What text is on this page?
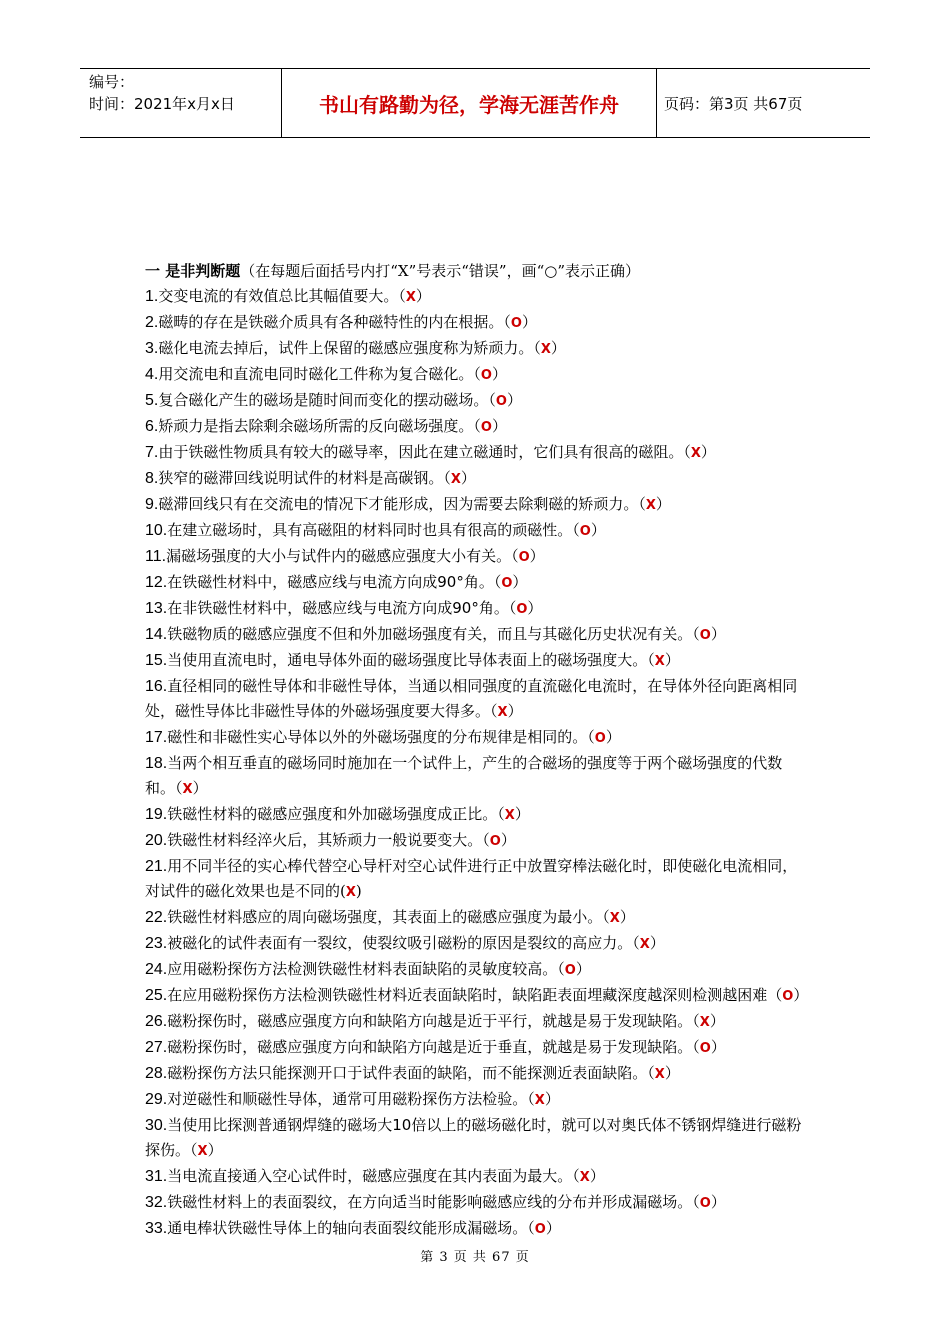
编号：
时间：2021年x月x日	书山有路勤为径，学海无涯苦作舟	页码：第3页 共67页

一 是非判断题（在每题后面括号内打“X”号表示“错误”，画“○”表示正确）

1.交变电流的有效值总比其幅值要大。（X）

2.磁畴的存在是铁磁介质具有各种磁特性的内在根据。（O）

3.磁化电流去掉后，试件上保留的磁感应强度称为矫顽力。（X）

4.用交流电和直流电同时磁化工件称为复合磁化。（O）

5.复合磁化产生的磁场是随时间而变化的摆动磁场。（O）

6.矫顽力是指去除剩余磁场所需的反向磁场强度。（O）

7.由于铁磁性物质具有较大的磁导率，因此在建立磁通时，它们具有很高的磁阻。（X）

8.狭窄的磁滞回线说明试件的材料是高碳钢。（X）

9.磁滞回线只有在交流电的情况下才能形成，因为需要去除剩磁的矫顽力。（X）

10.在建立磁场时，具有高磁阻的材料同时也具有很高的顽磁性。（O）

11.漏磁场强度的大小与试件内的磁感应强度大小有关。（O）

12.在铁磁性材料中，磁感应线与电流方向成90°角。（O）

13.在非铁磁性材料中，磁感应线与电流方向成90°角。（O）

14.铁磁物质的磁感应强度不但和外加磁场强度有关，而且与其磁化历史状况有关。（O）

15.当使用直流电时，通电导体外面的磁场强度比导体表面上的磁场强度大。（X）

16.直径相同的磁性导体和非磁性导体，当通以相同强度的直流磁化电流时，在导体外径向距离相同处，磁性导体比非磁性导体的外磁场强度要大得多。（X）

17.磁性和非磁性实心导体以外的外磁场强度的分布规律是相同的。（O）

18.当两个相互垂直的磁场同时施加在一个试件上，产生的合磁场的强度等于两个磁场强度的代数和。（X）

19.铁磁性材料的磁感应强度和外加磁场强度成正比。（X）

20.铁磁性材料经淬火后，其矫顽力一般说要变大。（O）

21.用不同半径的实心棒代替空心导杆对空心试件进行正中放置穿棒法磁化时，即使磁化电流相同，对试件的磁化效果也是不同的(X)

22.铁磁性材料感应的周向磁场强度，其表面上的磁感应强度为最小。（X）

23.被磁化的试件表面有一裂纹，使裂纹吸引磁粉的原因是裂纹的高应力。（X）

24.应用磁粉探伤方法检测铁磁性材料表面缺陷的灵敏度较高。（O）

25.在应用磁粉探伤方法检测铁磁性材料近表面缺陷时，缺陷距表面埋藏深度越深则检测越困难（O）

26.磁粉探伤时，磁感应强度方向和缺陷方向越是近于平行，就越是易于发现缺陷。（X）

27.磁粉探伤时，磁感应强度方向和缺陷方向越是近于垂直，就越是易于发现缺陷。（O）

28.磁粉探伤方法只能探测开口于试件表面的缺陷，而不能探测近表面缺陷。（X）

29.对逆磁性和顺磁性导体，通常可用磁粉探伤方法检验。（X）

30.当使用比探测普通钢焊缝的磁场大10倍以上的磁场磁化时，就可以对奥氏体不锈钢焊缝进行磁粉探伤。（X）

31.当电流直接通入空心试件时，磁感应强度在其内表面为最大。（X）

32.铁磁性材料上的表面裂纹，在方向适当时能影响磁感应线的分布并形成漏磁场。（O）

33.通电棒状铁磁性导体上的轴向表面裂纹能形成漏磁场。（O）

第 3 页 共 67 页
